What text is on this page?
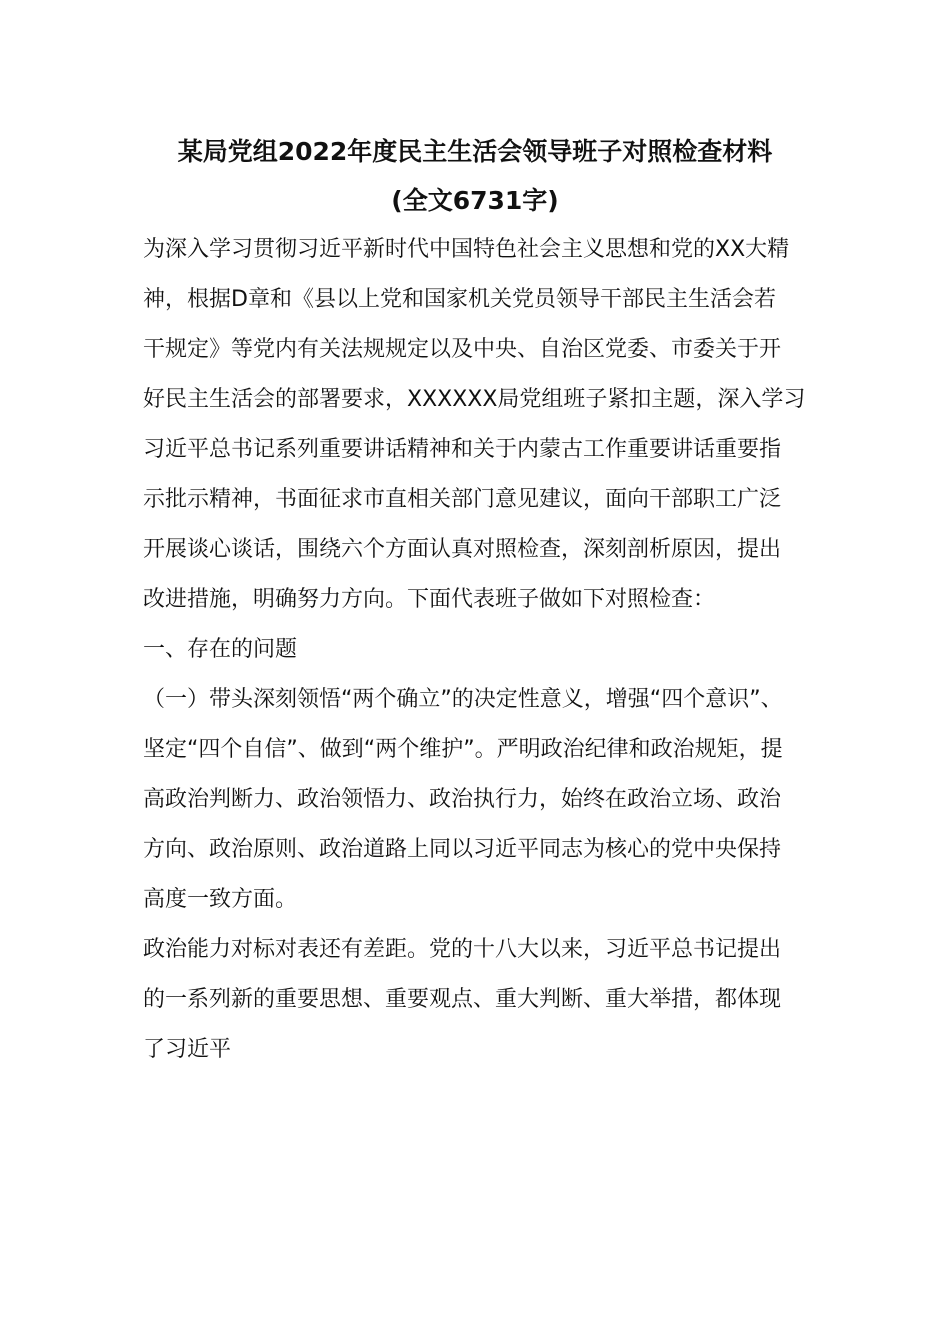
某局党组2022年度民主生活会领导班子对照检查材料
(全文6731字)
为深入学习贯彻习近平新时代中国特色社会主义思想和党的XX大精
神，根据D章和《县以上党和国家机关党员领导干部民主生活会若
干规定》等党内有关法规规定以及中央、自治区党委、市委关于开
好民主生活会的部署要求，XXXXXX局党组班子紧扣主题，深入学习
习近平总书记系列重要讲话精神和关于内蒙古工作重要讲话重要指
示批示精神，书面征求市直相关部门意见建议，面向干部职工广泛
开展谈心谈话，围绕六个方面认真对照检查，深刻剖析原因，提出
改进措施，明确努力方向。下面代表班子做如下对照检查：
一、存在的问题
（一）带头深刻领悟“两个确立”的决定性意义，增强“四个意识”、
坚定“四个自信”、做到“两个维护”。严明政治纪律和政治规矩，提
高政治判断力、政治领悟力、政治执行力，始终在政治立场、政治
方向、政治原则、政治道路上同以习近平同志为核心的党中央保持
高度一致方面。
政治能力对标对表还有差距。党的十八大以来，习近平总书记提出
的一系列新的重要思想、重要观点、重大判断、重大举措，都体现
了习近平
